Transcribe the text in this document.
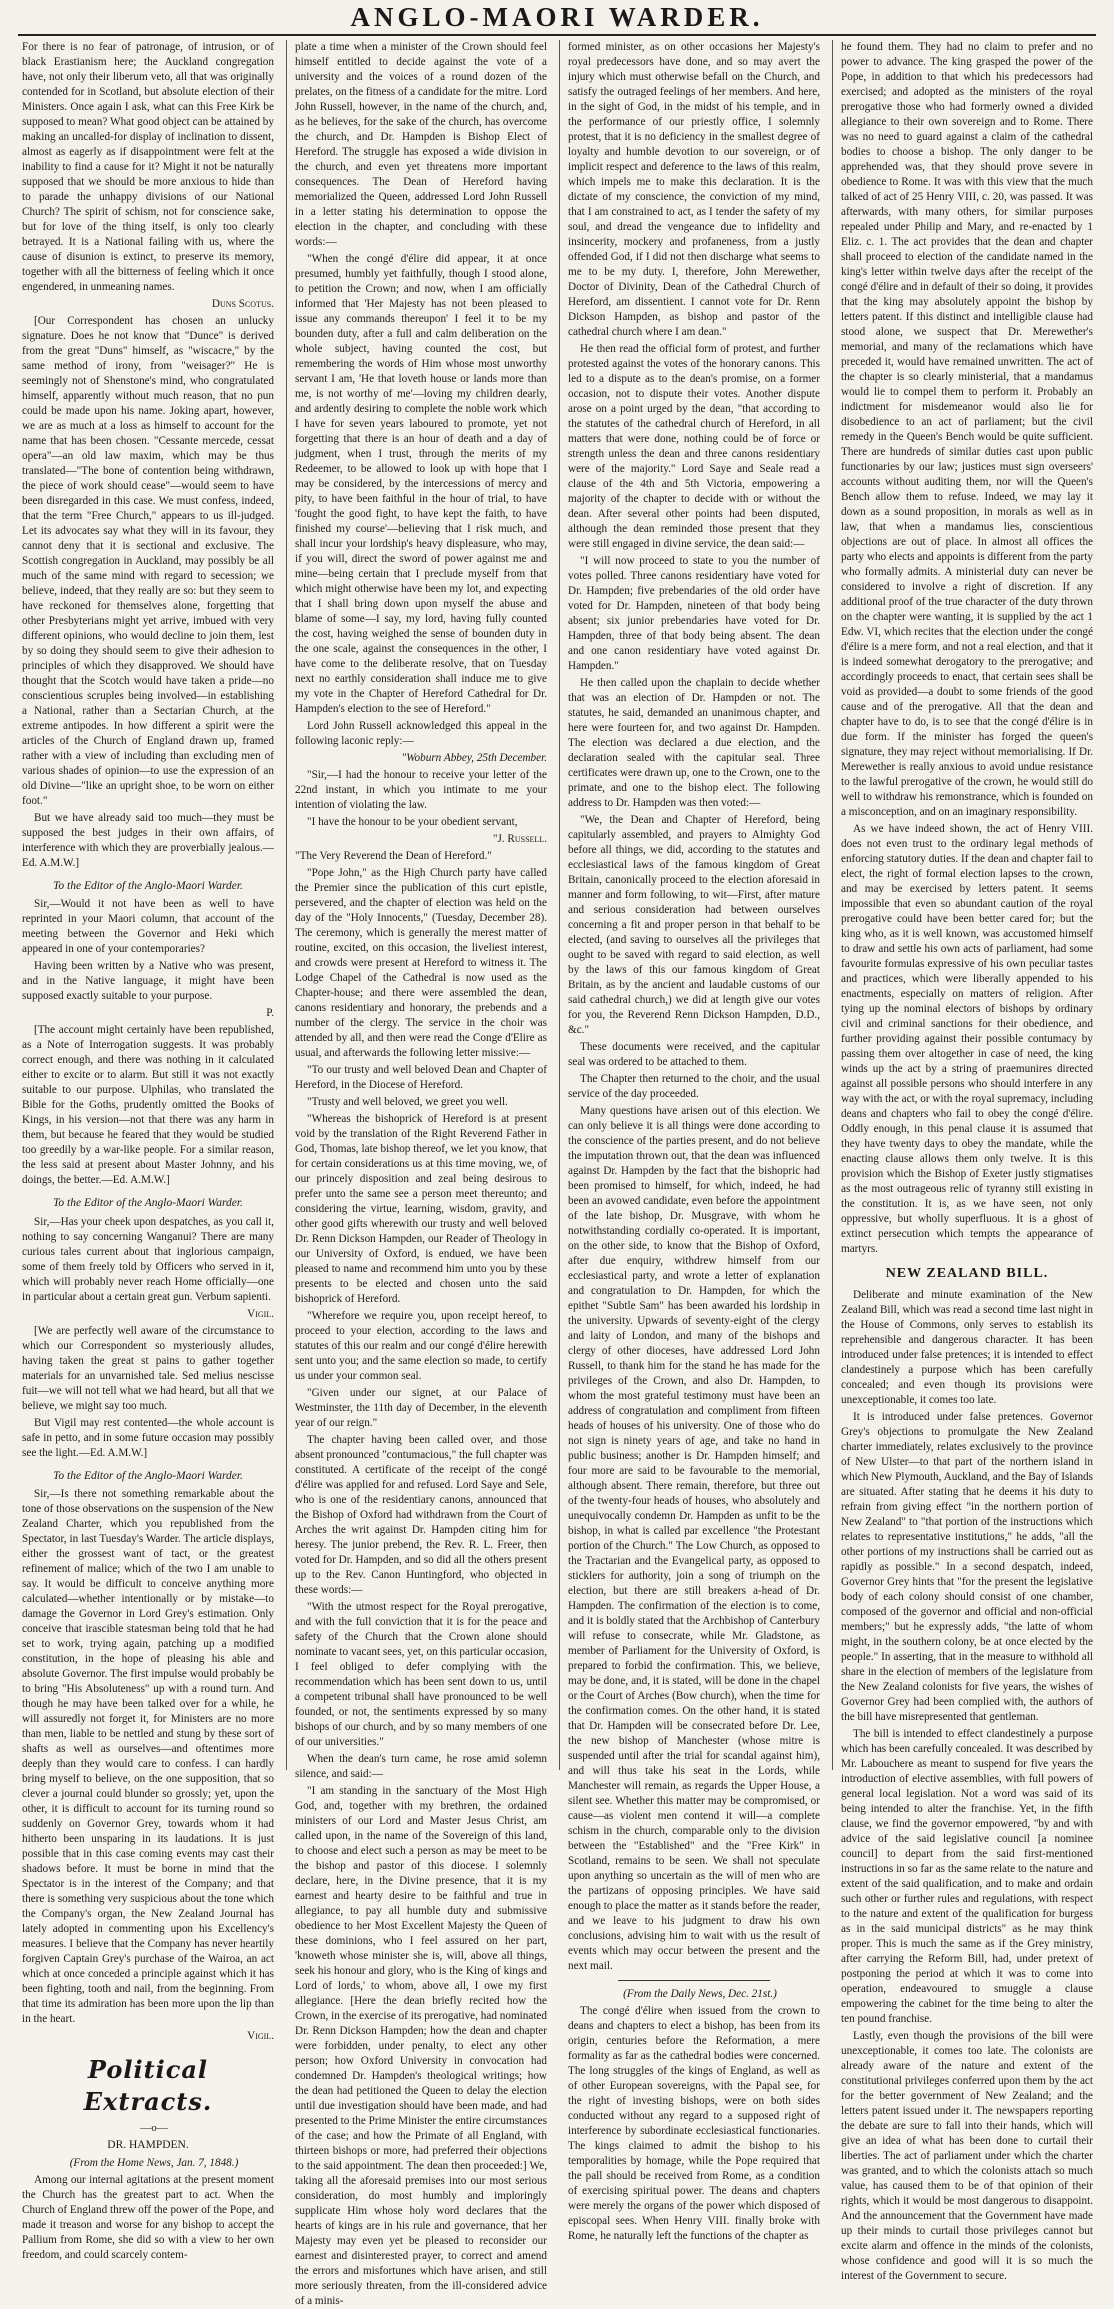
ANGLO-MAORI WARDER.

For there is no fear of patronage, of intrusion, or of black Erastianism here; the Auckland congregation have, not only their liberum veto, all that was originally contended for in Scotland, but absolute election of their Ministers. Once again I ask, what can this Free Kirk be supposed to mean? What good object can be attained by making an uncalled-for display of inclination to dissent, almost as eagerly as if disappointment were felt at the inability to find a cause for it? Might it not be naturally supposed that we should be more anxious to hide than to parade the unhappy divisions of our National Church? The spirit of schism, not for conscience sake, but for love of the thing itself, is only too clearly betrayed. It is a National failing with us, where the cause of disunion is extinct, to preserve its memory, together with all the bitterness of feeling which it once engendered, in unmeaning names.

Duns Scotus.

[Our Correspondent has chosen an unlucky signature. Does he not know that "Dunce" is derived from the great "Duns" himself, as "wiscacre," by the same method of irony, from "weisager?" He is seemingly not of Shenstone's mind, who congratulated himself, apparently without much reason, that no pun could be made upon his name. Joking apart, however, we are as much at a loss as himself to account for the name that has been chosen. "Cessante mercede, cessat opera"—an old law maxim, which may be thus translated—"The bone of contention being withdrawn, the piece of work should cease"—would seem to have been disregarded in this case. We must confess, indeed, that the term "Free Church," appears to us ill-judged. Let its advocates say what they will in its favour, they cannot deny that it is sectional and exclusive. The Scottish congregation in Auckland, may possibly be all much of the same mind with regard to secession; we believe, indeed, that they really are so: but they seem to have reckoned for themselves alone, forgetting that other Presbyterians might yet arrive, imbued with very different opinions, who would decline to join them, lest by so doing they should seem to give their adhesion to principles of which they disapproved. We should have thought that the Scotch would have taken a pride—no conscientious scruples being involved—in establishing a National, rather than a Sectarian Church, at the extreme antipodes. In how different a spirit were the articles of the Church of England drawn up, framed rather with a view of including than excluding men of various shades of opinion—to use the expression of an old Divine—"like an upright shoe, to be worn on either foot."

But we have already said too much—they must be supposed the best judges in their own affairs, of interference with which they are proverbially jealous.—Ed. A.M.W.]

To the Editor of the Anglo-Maori Warder.

Sir,—Would it not have been as well to have reprinted in your Maori column, that account of the meeting between the Governor and Heki which appeared in one of your contemporaries?

Having been written by a Native who was present, and in the Native language, it might have been supposed exactly suitable to your purpose.

P.

[The account might certainly have been republished, as a Note of Interrogation suggests. It was probably correct enough, and there was nothing in it calculated either to excite or to alarm. But still it was not exactly suitable to our purpose. Ulphilas, who translated the Bible for the Goths, prudently omitted the Books of Kings, in his version—not that there was any harm in them, but because he feared that they would be studied too greedily by a war-like people. For a similar reason, the less said at present about Master Johnny, and his doings, the better.—Ed. A.M.W.]

To the Editor of the Anglo-Maori Warder.

Sir,—Has your cheek upon despatches, as you call it, nothing to say concerning Wanganui? There are many curious tales current about that inglorious campaign, some of them freely told by Officers who served in it, which will probably never reach Home officially—one in particular about a certain great gun. Verbum sapienti.

Vigil.

[We are perfectly well aware of the circumstance to which our Correspondent so mysteriously alludes, having taken the great st pains to gather together materials for an unvarnished tale. Sed melius nescisse fuit—we will not tell what we had heard, but all that we believe, we might say too much.

But Vigil may rest contented—the whole account is safe in petto, and in some future occasion may possibly see the light.—Ed. A.M.W.]

To the Editor of the Anglo-Maori Warder.

Sir,—Is there not something remarkable about the tone of those observations on the suspension of the New Zealand Charter, which you republished from the Spectator, in last Tuesday's Warder. The article displays, either the grossest want of tact, or the greatest refinement of malice; which of the two I am unable to say. It would be difficult to conceive anything more calculated—whether intentionally or by mistake—to damage the Governor in Lord Grey's estimation. Only conceive that irascible statesman being told that he had set to work, trying again, patching up a modified constitution, in the hope of pleasing his able and absolute Governor. The first impulse would probably be to bring "His Absoluteness" up with a round turn. And though he may have been talked over for a while, he will assuredly not forget it, for Ministers are no more than men, liable to be nettled and stung by these sort of shafts as well as ourselves—and oftentimes more deeply than they would care to confess. I can hardly bring myself to believe, on the one supposition, that so clever a journal could blunder so grossly; yet, upon the other, it is difficult to account for its turning round so suddenly on Governor Grey, towards whom it had hitherto been unsparing in its laudations. It is just possible that in this case coming events may cast their shadows before. It must be borne in mind that the Spectator is in the interest of the Company; and that there is something very suspicious about the tone which the Company's organ, the New Zealand Journal has lately adopted in commenting upon his Excellency's measures. I believe that the Company has never heartily forgiven Captain Grey's purchase of the Wairoa, an act which at once conceded a principle against which it has been fighting, tooth and nail, from the beginning. From that time its admiration has been more upon the lip than in the heart.

Vigil.

Political Extracts.

—o—

DR. HAMPDEN.

(From the Home News, Jan. 7, 1848.)

Among our internal agitations at the present moment the Church has the greatest part to act. When the Church of England threw off the power of the Pope, and made it treason and worse for any bishop to accept the Pallium from Rome, she did so with a view to her own freedom, and could scarcely contem-

plate a time when a minister of the Crown should feel himself entitled to decide against the vote of a university and the voices of a round dozen of the prelates, on the fitness of a candidate for the mitre. Lord John Russell, however, in the name of the church, and, as he believes, for the sake of the church, has overcome the church, and Dr. Hampden is Bishop Elect of Hereford. The struggle has exposed a wide division in the church, and even yet threatens more important consequences. The Dean of Hereford having memorialized the Queen, addressed Lord John Russell in a letter stating his determination to oppose the election in the chapter, and concluding with these words:—

"When the congé d'élire did appear, it at once presumed, humbly yet faithfully, though I stood alone, to petition the Crown; and now, when I am officially informed that 'Her Majesty has not been pleased to issue any commands thereupon' I feel it to be my bounden duty, after a full and calm deliberation on the whole subject, having counted the cost, but remembering the words of Him whose most unworthy servant I am, 'He that loveth house or lands more than me, is not worthy of me'—loving my children dearly, and ardently desiring to complete the noble work which I have for seven years laboured to promote, yet not forgetting that there is an hour of death and a day of judgment, when I trust, through the merits of my Redeemer, to be allowed to look up with hope that I may be considered, by the intercessions of mercy and pity, to have been faithful in the hour of trial, to have 'fought the good fight, to have kept the faith, to have finished my course'—believing that I risk much, and shall incur your lordship's heavy displeasure, who may, if you will, direct the sword of power against me and mine—being certain that I preclude myself from that which might otherwise have been my lot, and expecting that I shall bring down upon myself the abuse and blame of some—I say, my lord, having fully counted the cost, having weighed the sense of bounden duty in the one scale, against the consequences in the other, I have come to the deliberate resolve, that on Tuesday next no earthly consideration shall induce me to give my vote in the Chapter of Hereford Cathedral for Dr. Hampden's election to the see of Hereford."

Lord John Russell acknowledged this appeal in the following laconic reply:—

"Woburn Abbey, 25th December.

"Sir,—I had the honour to receive your letter of the 22nd instant, in which you intimate to me your intention of violating the law.

"I have the honour to be your obedient servant,

"J. Russell.

"The Very Reverend the Dean of Hereford."

"Pope John," as the High Church party have called the Premier since the publication of this curt epistle, persevered, and the chapter of election was held on the day of the "Holy Innocents," (Tuesday, December 28). The ceremony, which is generally the merest matter of routine, excited, on this occasion, the liveliest interest, and crowds were present at Hereford to witness it. The Lodge Chapel of the Cathedral is now used as the Chapter-house; and there were assembled the dean, canons residentiary and honorary, the prebends and a number of the clergy. The service in the choir was attended by all, and then were read the Conge d'Elire as usual, and afterwards the following letter missive:—

"To our trusty and well beloved Dean and Chapter of Hereford, in the Diocese of Hereford.

"Trusty and well beloved, we greet you well.

"Whereas the bishoprick of Hereford is at present void by the translation of the Right Reverend Father in God, Thomas, late bishop thereof, we let you know, that for certain considerations us at this time moving, we, of our princely disposition and zeal being desirous to prefer unto the same see a person meet thereunto; and considering the virtue, learning, wisdom, gravity, and other good gifts wherewith our trusty and well beloved Dr. Renn Dickson Hampden, our Reader of Theology in our University of Oxford, is endued, we have been pleased to name and recommend him unto you by these presents to be elected and chosen unto the said bishoprick of Hereford.

"Wherefore we require you, upon receipt hereof, to proceed to your election, according to the laws and statutes of this our realm and our congé d'élire herewith sent unto you; and the same election so made, to certify us under your common seal.

"Given under our signet, at our Palace of Westminster, the 11th day of December, in the eleventh year of our reign."

The chapter having been called over, and those absent pronounced "contumacious," the full chapter was constituted. A certificate of the receipt of the congé d'élire was applied for and refused. Lord Saye and Sele, who is one of the residentiary canons, announced that the Bishop of Oxford had withdrawn from the Court of Arches the writ against Dr. Hampden citing him for heresy. The junior prebend, the Rev. R. L. Freer, then voted for Dr. Hampden, and so did all the others present up to the Rev. Canon Huntingford, who objected in these words:—

"With the utmost respect for the Royal prerogative, and with the full conviction that it is for the peace and safety of the Church that the Crown alone should nominate to vacant sees, yet, on this particular occasion, I feel obliged to defer complying with the recommendation which has been sent down to us, until a competent tribunal shall have pronounced to be well founded, or not, the sentiments expressed by so many bishops of our church, and by so many members of one of our universities."

When the dean's turn came, he rose amid solemn silence, and said:—

"I am standing in the sanctuary of the Most High God, and, together with my brethren, the ordained ministers of our Lord and Master Jesus Christ, am called upon, in the name of the Sovereign of this land, to choose and elect such a person as may be meet to be the bishop and pastor of this diocese. I solemnly declare, here, in the Divine presence, that it is my earnest and hearty desire to be faithful and true in allegiance, to pay all humble duty and submissive obedience to her Most Excellent Majesty the Queen of these dominions, who I feel assured on her part, 'knoweth whose minister she is, will, above all things, seek his honour and glory, who is the King of kings and Lord of lords,' to whom, above all, I owe my first allegiance. [Here the dean briefly recited how the Crown, in the exercise of its prerogative, had nominated Dr. Renn Dickson Hampden; how the dean and chapter were forbidden, under penalty, to elect any other person; how Oxford University in convocation had condemned Dr. Hampden's theological writings; how the dean had petitioned the Queen to delay the election until due investigation should have been made, and had presented to the Prime Minister the entire circumstances of the case; and how the Primate of all England, with thirteen bishops or more, had preferred their objections to the said appointment. The dean then proceeded:] We, taking all the aforesaid premises into our most serious consideration, do most humbly and imploringly supplicate Him whose holy word declares that the hearts of kings are in his rule and governance, that her Majesty may even yet be pleased to reconsider our earnest and disinterested prayer, to correct and amend the errors and misfortunes which have arisen, and still more seriously threaten, from the ill-considered advice of a minis-

formed minister, as on other occasions her Majesty's royal predecessors have done, and so may avert the injury which must otherwise befall on the Church, and satisfy the outraged feelings of her members. And here, in the sight of God, in the midst of his temple, and in the performance of our priestly office, I solemnly protest, that it is no deficiency in the smallest degree of loyalty and humble devotion to our sovereign, or of implicit respect and deference to the laws of this realm, which impels me to make this declaration. It is the dictate of my conscience, the conviction of my mind, that I am constrained to act, as I tender the safety of my soul, and dread the vengeance due to infidelity and insincerity, mockery and profaneness, from a justly offended God, if I did not then discharge what seems to me to be my duty. I, therefore, John Merewether, Doctor of Divinity, Dean of the Cathedral Church of Hereford, am dissentient. I cannot vote for Dr. Renn Dickson Hampden, as bishop and pastor of the cathedral church where I am dean."

He then read the official form of protest, and further protested against the votes of the honorary canons. This led to a dispute as to the dean's promise, on a former occasion, not to dispute their votes. Another dispute arose on a point urged by the dean, "that according to the statutes of the cathedral church of Hereford, in all matters that were done, nothing could be of force or strength unless the dean and three canons residentiary were of the majority." Lord Saye and Seale read a clause of the 4th and 5th Victoria, empowering a majority of the chapter to decide with or without the dean. After several other points had been disputed, although the dean reminded those present that they were still engaged in divine service, the dean said:—

"I will now proceed to state to you the number of votes polled. Three canons residentiary have voted for Dr. Hampden; five prebendaries of the old order have voted for Dr. Hampden, nineteen of that body being absent; six junior prebendaries have voted for Dr. Hampden, three of that body being absent. The dean and one canon residentiary have voted against Dr. Hampden."

He then called upon the chaplain to decide whether that was an election of Dr. Hampden or not. The statutes, he said, demanded an unanimous chapter, and here were fourteen for, and two against Dr. Hampden. The election was declared a due election, and the declaration sealed with the capitular seal. Three certificates were drawn up, one to the Crown, one to the primate, and one to the bishop elect. The following address to Dr. Hampden was then voted:—

"We, the Dean and Chapter of Hereford, being capitularly assembled, and prayers to Almighty God before all things, we did, according to the statutes and ecclesiastical laws of the famous kingdom of Great Britain, canonically proceed to the election aforesaid in manner and form following, to wit—First, after mature and serious consideration had between ourselves concerning a fit and proper person in that behalf to be elected, (and saving to ourselves all the privileges that ought to be saved with regard to said election, as well by the laws of this our famous kingdom of Great Britain, as by the ancient and laudable customs of our said cathedral church,) we did at length give our votes for you, the Reverend Renn Dickson Hampden, D.D., &c."

These documents were received, and the capitular seal was ordered to be attached to them.

The Chapter then returned to the choir, and the usual service of the day proceeded.

Many questions have arisen out of this election. We can only believe it is all things were done according to the conscience of the parties present, and do not believe the imputation thrown out, that the dean was influenced against Dr. Hampden by the fact that the bishopric had been promised to himself, for which, indeed, he had been an avowed candidate, even before the appointment of the late bishop, Dr. Musgrave, with whom he notwithstanding cordially co-operated. It is important, on the other side, to know that the Bishop of Oxford, after due enquiry, withdrew himself from our ecclesiastical party, and wrote a letter of explanation and congratulation to Dr. Hampden, for which the epithet "Subtle Sam" has been awarded his lordship in the university. Upwards of seventy-eight of the clergy and laity of London, and many of the bishops and clergy of other dioceses, have addressed Lord John Russell, to thank him for the stand he has made for the privileges of the Crown, and also Dr. Hampden, to whom the most grateful testimony must have been an address of congratulation and compliment from fifteen heads of houses of his university. One of those who do not sign is ninety years of age, and take no hand in public business; another is Dr. Hampden himself; and four more are said to be favourable to the memorial, although absent. There remain, therefore, but three out of the twenty-four heads of houses, who absolutely and unequivocally condemn Dr. Hampden as unfit to be the bishop, in what is called par excellence "the Protestant portion of the Church." The Low Church, as opposed to the Tractarian and the Evangelical party, as opposed to sticklers for authority, join a song of triumph on the election, but there are still breakers a-head of Dr. Hampden. The confirmation of the election is to come, and it is boldly stated that the Archbishop of Canterbury will refuse to consecrate, while Mr. Gladstone, as member of Parliament for the University of Oxford, is prepared to forbid the confirmation. This, we believe, may be done, and, it is stated, will be done in the chapel or the Court of Arches (Bow church), when the time for the confirmation comes. On the other hand, it is stated that Dr. Hampden will be consecrated before Dr. Lee, the new bishop of Manchester (whose mitre is suspended until after the trial for scandal against him), and will thus take his seat in the Lords, while Manchester will remain, as regards the Upper House, a silent see. Whether this matter may be compromised, or cause—as violent men contend it will—a complete schism in the church, comparable only to the division between the "Established" and the "Free Kirk" in Scotland, remains to be seen. We shall not speculate upon anything so uncertain as the will of men who are the partizans of opposing principles. We have said enough to place the matter as it stands before the reader, and we leave to his judgment to draw his own conclusions, advising him to wait with us the result of events which may occur between the present and the next mail.

(From the Daily News, Dec. 21st.)

The congé d'élire when issued from the crown to deans and chapters to elect a bishop, has been from its origin, centuries before the Reformation, a mere formality as far as the cathedral bodies were concerned. The long struggles of the kings of England, as well as of other European sovereigns, with the Papal see, for the right of investing bishops, were on both sides conducted without any regard to a supposed right of interference by subordinate ecclesiastical functionaries. The kings claimed to admit the bishop to his temporalities by homage, while the Pope required that the pall should be received from Rome, as a condition of exercising spiritual power. The deans and chapters were merely the organs of the power which disposed of episcopal sees. When Henry VIII. finally broke with Rome, he naturally left the functions of the chapter as

he found them. They had no claim to prefer and no power to advance. The king grasped the power of the Pope, in addition to that which his predecessors had exercised; and adopted as the ministers of the royal prerogative those who had formerly owned a divided allegiance to their own sovereign and to Rome. There was no need to guard against a claim of the cathedral bodies to choose a bishop. The only danger to be apprehended was, that they should prove severe in obedience to Rome. It was with this view that the much talked of act of 25 Henry VIII, c. 20, was passed. It was afterwards, with many others, for similar purposes repealed under Philip and Mary, and re-enacted by 1 Eliz. c. 1. The act provides that the dean and chapter shall proceed to election of the candidate named in the king's letter within twelve days after the receipt of the congé d'élire and in default of their so doing, it provides that the king may absolutely appoint the bishop by letters patent. If this distinct and intelligible clause had stood alone, we suspect that Dr. Merewether's memorial, and many of the reclamations which have preceded it, would have remained unwritten. The act of the chapter is so clearly ministerial, that a mandamus would lie to compel them to perform it. Probably an indictment for misdemeanor would also lie for disobedience to an act of parliament; but the civil remedy in the Queen's Bench would be quite sufficient. There are hundreds of similar duties cast upon public functionaries by our law; justices must sign overseers' accounts without auditing them, nor will the Queen's Bench allow them to refuse. Indeed, we may lay it down as a sound proposition, in morals as well as in law, that when a mandamus lies, conscientious objections are out of place. In almost all offices the party who elects and appoints is different from the party who formally admits. A ministerial duty can never be considered to involve a right of discretion. If any additional proof of the true character of the duty thrown on the chapter were wanting, it is supplied by the act 1 Edw. VI, which recites that the election under the congé d'élire is a mere form, and not a real election, and that it is indeed somewhat derogatory to the prerogative; and accordingly proceeds to enact, that certain sees shall be void as provided—a doubt to some friends of the good cause and of the prerogative. All that the dean and chapter have to do, is to see that the congé d'élire is in due form. If the minister has forged the queen's signature, they may reject without memorialising. If Dr. Merewether is really anxious to avoid undue resistance to the lawful prerogative of the crown, he would still do well to withdraw his remonstrance, which is founded on a misconception, and on an imaginary responsibility.

As we have indeed shown, the act of Henry VIII. does not even trust to the ordinary legal methods of enforcing statutory duties. If the dean and chapter fail to elect, the right of formal election lapses to the crown, and may be exercised by letters patent. It seems impossible that even so abundant caution of the royal prerogative could have been better cared for; but the king who, as it is well known, was accustomed himself to draw and settle his own acts of parliament, had some favourite formulas expressive of his own peculiar tastes and practices, which were liberally appended to his enactments, especially on matters of religion. After tying up the nominal electors of bishops by ordinary civil and criminal sanctions for their obedience, and further providing against their possible contumacy by passing them over altogether in case of need, the king winds up the act by a string of praemunires directed against all possible persons who should interfere in any way with the act, or with the royal supremacy, including deans and chapters who fail to obey the congé d'élire. Oddly enough, in this penal clause it is assumed that they have twenty days to obey the mandate, while the enacting clause allows them only twelve. It is this provision which the Bishop of Exeter justly stigmatises as the most outrageous relic of tyranny still existing in the constitution. It is, as we have seen, not only oppressive, but wholly superfluous. It is a ghost of extinct persecution which tempts the appearance of martyrs.

NEW ZEALAND BILL.

Deliberate and minute examination of the New Zealand Bill, which was read a second time last night in the House of Commons, only serves to establish its reprehensible and dangerous character. It has been introduced under false pretences; it is intended to effect clandestinely a purpose which has been carefully concealed; and even though its provisions were unexceptionable, it comes too late.

It is introduced under false pretences. Governor Grey's objections to promulgate the New Zealand charter immediately, relates exclusively to the province of New Ulster—to that part of the northern island in which New Plymouth, Auckland, and the Bay of Islands are situated. After stating that he deems it his duty to refrain from giving effect "in the northern portion of New Zealand" to "that portion of the instructions which relates to representative institutions," he adds, "all the other portions of my instructions shall be carried out as rapidly as possible." In a second despatch, indeed, Governor Grey hints that "for the present the legislative body of each colony should consist of one chamber, composed of the governor and official and non-official members;" but he expressly adds, "the latte of whom might, in the southern colony, be at once elected by the people." In asserting, that in the measure to withhold all share in the election of members of the legislature from the New Zealand colonists for five years, the wishes of Governor Grey had been complied with, the authors of the bill have misrepresented that gentleman.

The bill is intended to effect clandestinely a purpose which has been carefully concealed. It was described by Mr. Labouchere as meant to suspend for five years the introduction of elective assemblies, with full powers of general local legislation. Not a word was said of its being intended to alter the franchise. Yet, in the fifth clause, we find the governor empowered, "by and with advice of the said legislative council [a nominee council] to depart from the said first-mentioned instructions in so far as the same relate to the nature and extent of the said qualification, and to make and ordain such other or further rules and regulations, with respect to the nature and extent of the qualification for burgess as in the said municipal districts" as he may think proper. This is much the same as if the Grey ministry, after carrying the Reform Bill, had, under pretext of postponing the period at which it was to come into operation, endeavoured to smuggle a clause empowering the cabinet for the time being to alter the ten pound franchise.

Lastly, even though the provisions of the bill were unexceptionable, it comes too late. The colonists are already aware of the nature and extent of the constitutional privileges conferred upon them by the act for the better government of New Zealand; and the letters patent issued under it. The newspapers reporting the debate are sure to fall into their hands, which will give an idea of what has been done to curtail their liberties. The act of parliament under which the charter was granted, and to which the colonists attach so much value, has caused them to be of that opinion of their rights, which it would be most dangerous to disappoint. And the announcement that the Government have made up their minds to curtail those privileges cannot but excite alarm and offence in the minds of the colonists, whose confidence and good will it is so much the interest of the Government to secure.
